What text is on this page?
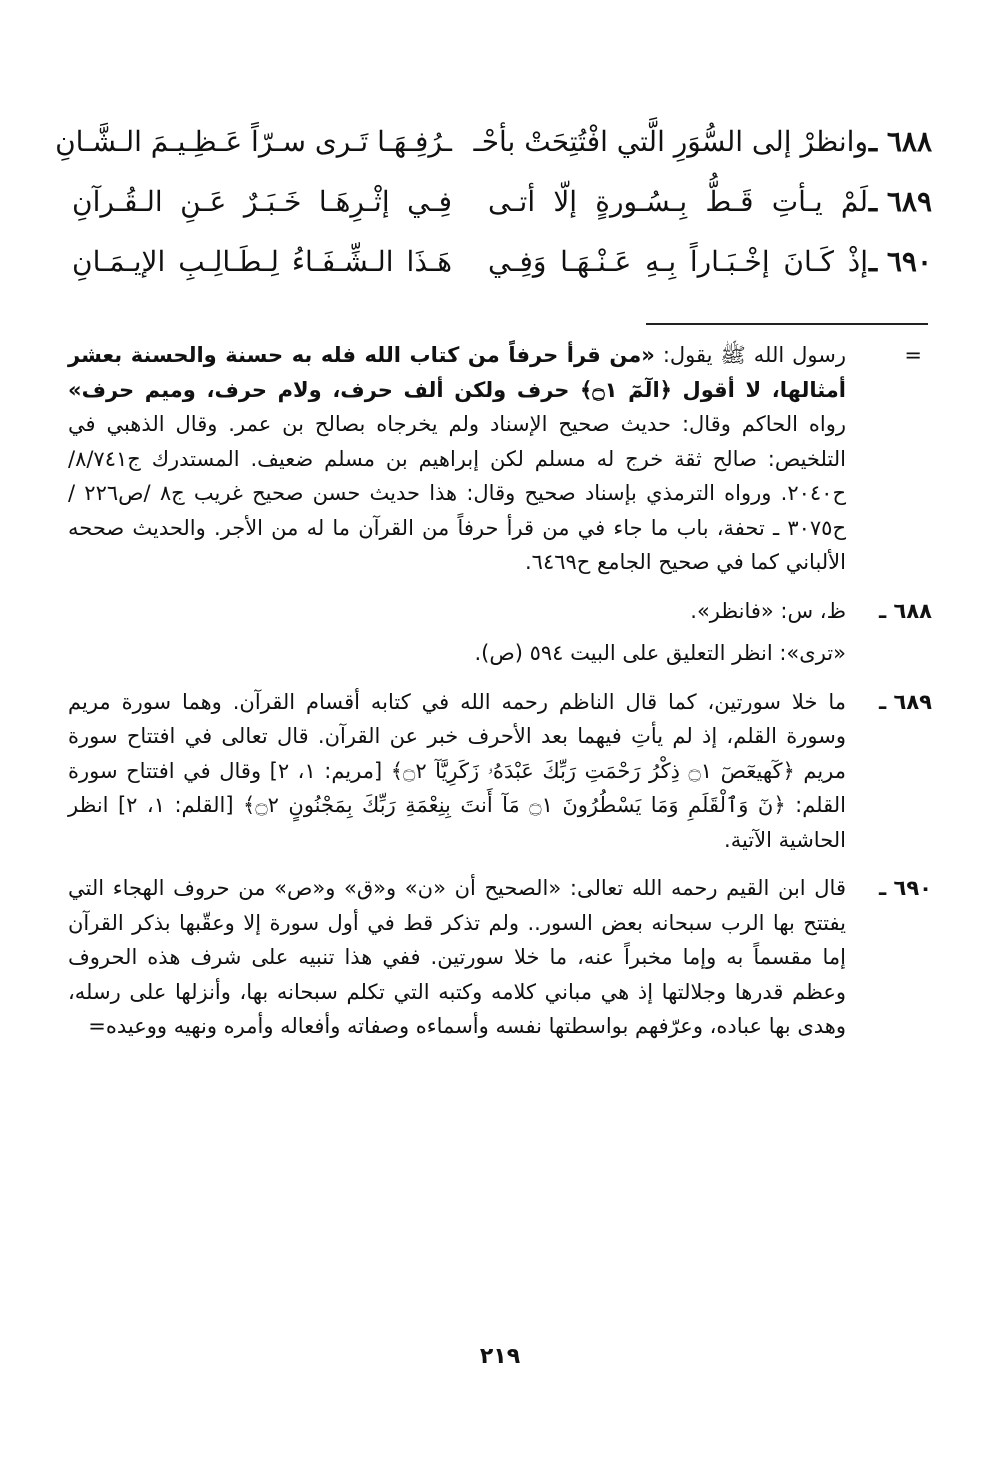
٦٨٨ ـ
وانظرْ إلى السُّوَرِ الَّتي افْتُتِحَتْ بأحْـ
ـرُفِـهَـا تَـرى سـرّاً عَـظِـيـمَ الـشَّـانِ
٦٨٩ ـ
لَمْ يـأتِ قَـطُّ بِـسُـورةٍ إلّا أتـى
فِـي إثْـرِهَـا خَـبَـرٌ عَـنِ الـقُـرآنِ
٦٩٠ ـ
إذْ كَـانَ إخْـبَـاراً بِـهِ عَـنْـهَـا وَفِـي
هَـذَا الـشِّـفَـاءُ لِـطَـالِـبِ الإيـمَـانِ
=
رسول الله ﷺ يقول: «من قرأ حرفاً من كتاب الله فله به حسنة والحسنة بعشر أمثالها، لا أقول ﴿الٓمٓ ۝١﴾ حرف ولكن ألف حرف، ولام حرف، وميم حرف» رواه الحاكم وقال: حديث صحيح الإسناد ولم يخرجاه بصالح بن عمر. وقال الذهبي في التلخيص: صالح ثقة خرج له مسلم لكن إبراهيم بن مسلم ضعيف. المستدرك ج٨/٧٤١/ ح٢٠٤٠. ورواه الترمذي بإسناد صحيح وقال: هذا حديث حسن صحيح غريب ج٨ /ص٢٢٦ /ح٣٠٧٥ ـ تحفة، باب ما جاء في من قرأ حرفاً من القرآن ما له من الأجر. والحديث صححه الألباني كما في صحيح الجامع ح٦٤٦٩.
٦٨٨ ـ
ظ، س: «فانظر».
«ترى»: انظر التعليق على البيت ٥٩٤ (ص).
٦٨٩ ـ
ما خلا سورتين، كما قال الناظم رحمه الله في كتابه أقسام القرآن. وهما سورة مريم وسورة القلم، إذ لم يأتِ فيهما بعد الأحرف خبر عن القرآن. قال تعالى في افتتاح سورة مريم ﴿كٓهيعٓصٓ ۝١ ذِكْرُ رَحْمَتِ رَبِّكَ عَبْدَهُۥ زَكَرِيَّآ ۝٢﴾ [مريم: ١، ٢] وقال في افتتاح سورة القلم: ﴿نٓ وَٱلْقَلَمِ وَمَا يَسْطُرُونَ ۝١ مَآ أَنتَ بِنِعْمَةِ رَبِّكَ بِمَجْنُونٍ ۝٢﴾ [القلم: ١، ٢] انظر الحاشية الآتية.
٦٩٠ ـ
قال ابن القيم رحمه الله تعالى: «الصحيح أن «ن» و«ق» و«ص» من حروف الهجاء التي يفتتح بها الرب سبحانه بعض السور.. ولم تذكر قط في أول سورة إلا وعقّبها بذكر القرآن إما مقسماً به وإما مخبراً عنه، ما خلا سورتين. ففي هذا تنبيه على شرف هذه الحروف وعظم قدرها وجلالتها إذ هي مباني كلامه وكتبه التي تكلم سبحانه بها، وأنزلها على رسله، وهدى بها عباده، وعرّفهم بواسطتها نفسه وأسماءه وصفاته وأفعاله وأمره ونهيه ووعيده=
٢١٩
